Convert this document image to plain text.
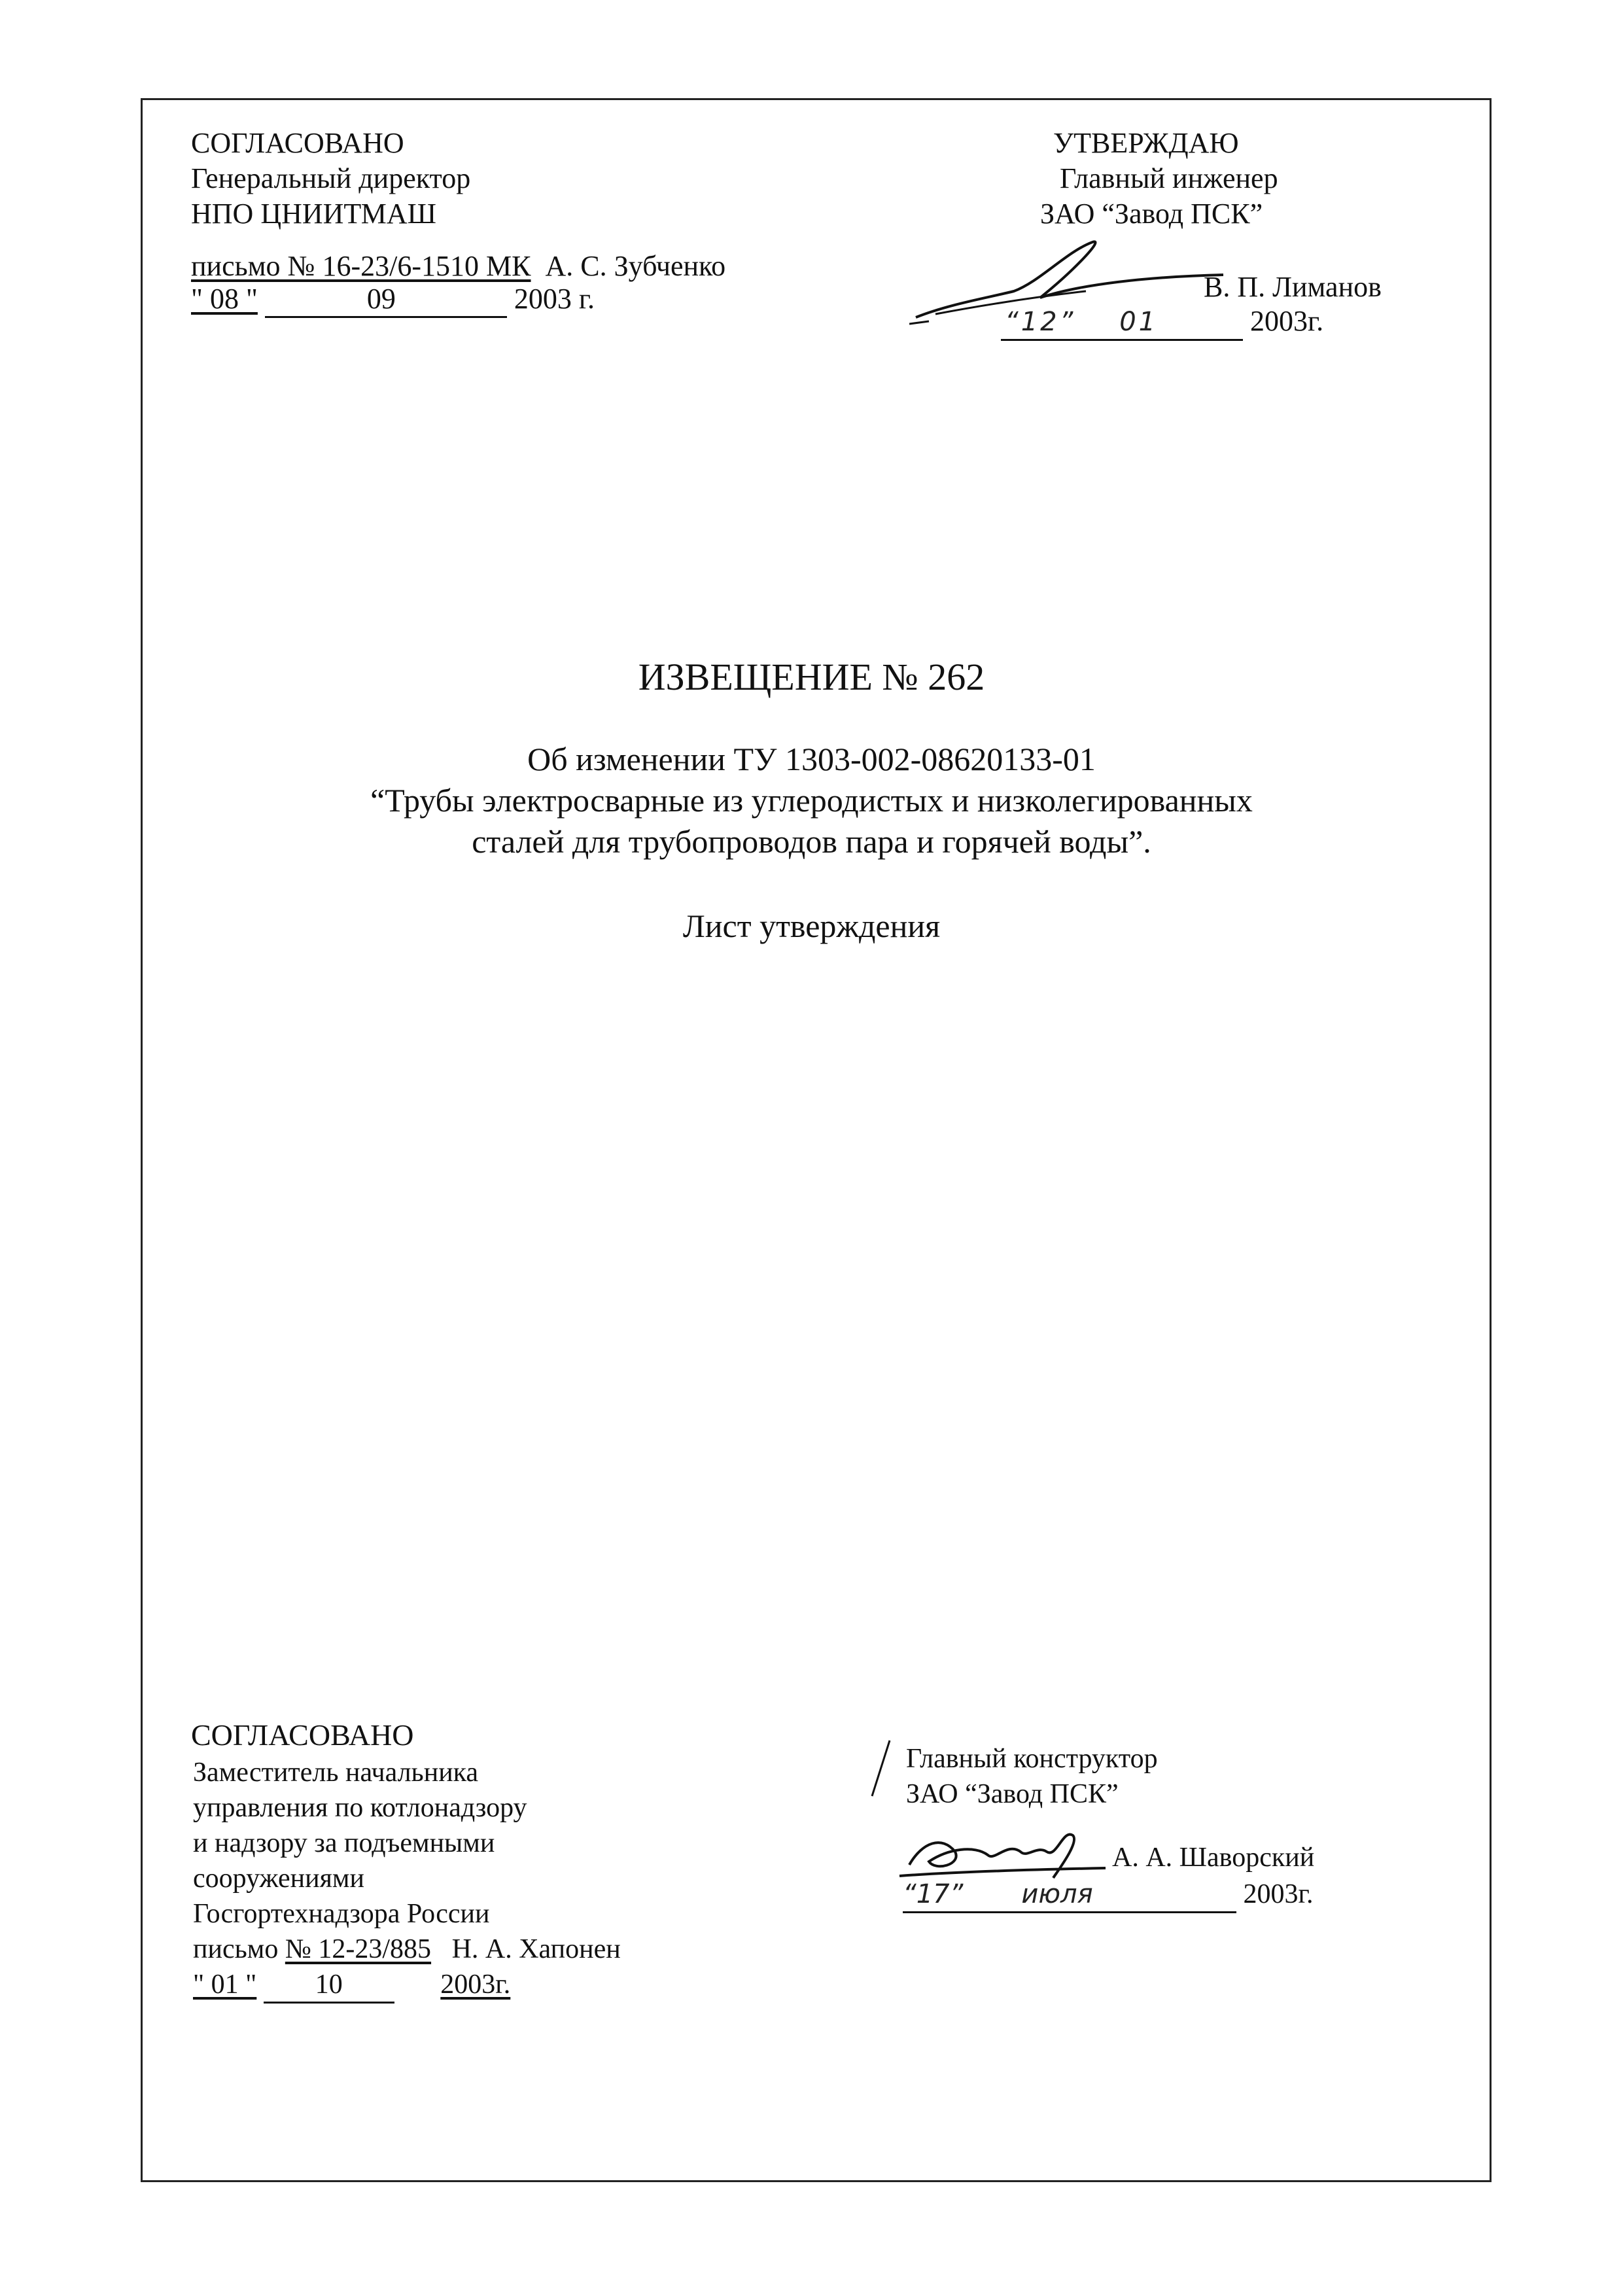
СОГЛАСОВАНО
Генеральный директор
НПО ЦНИИТМАШ
письмо № 16-23/6-1510 МК А. С. Зубченко
" 08 "	09	2003 г.
УТВЕРЖДАЮ
Главный инженер
ЗАО “Завод ПСК”
В. П. Лиманов
“12” 01	2003г.
ИЗВЕЩЕНИЕ № 262
Об изменении ТУ 1303-002-08620133-01
“Трубы электросварные из углеродистых и низколегированных
сталей для трубопроводов пара и горячей воды”.
Лист утверждения
СОГЛАСОВАНО
Заместитель начальника
управления по котлонадзору
и надзору за подъемными
сооружениями
Госгортехнадзора России
письмо № 12-23/885 Н. А. Хапонен
" 01 " 10	2003г.
Главный конструктор
ЗАО “Завод ПСК”
А. А. Шаворский
“17” июля	2003г.
